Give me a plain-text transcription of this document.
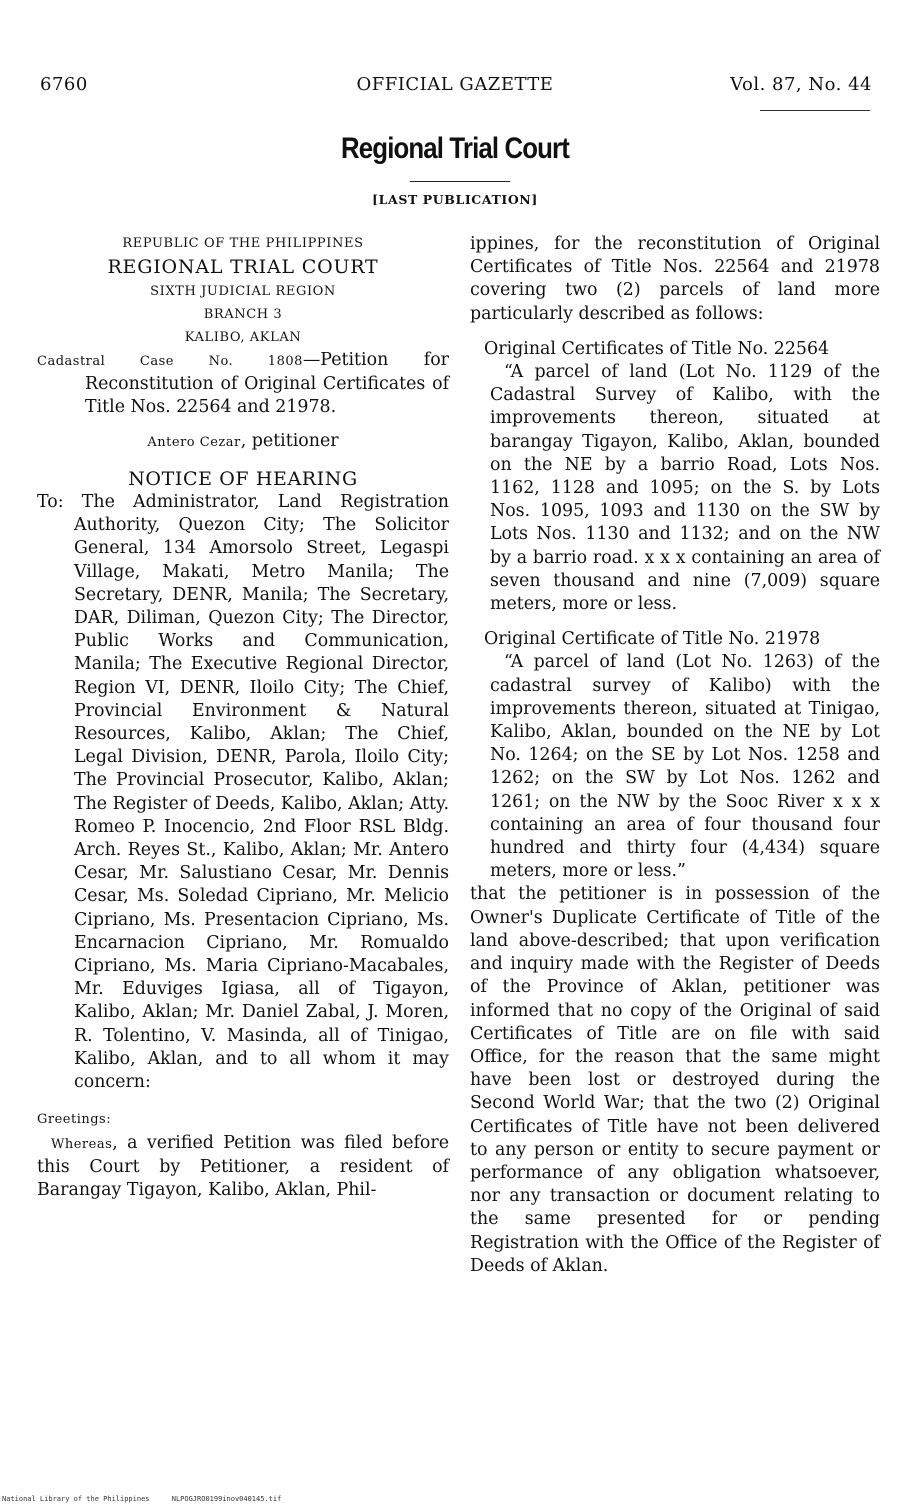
6760	OFFICIAL GAZETTE	Vol. 87, No. 44
Regional Trial Court
[LAST PUBLICATION]
REPUBLIC OF THE PHILIPPINES
REGIONAL TRIAL COURT
SIXTH JUDICIAL REGION
BRANCH 3
KALIBO, AKLAN

Cadastral Case No. 1808—Petition for Reconstitution of Original Certificates of Title Nos. 22564 and 21978.

Antero Cezar, petitioner
NOTICE OF HEARING

To: The Administrator, Land Registration Authority, Quezon City; The Solicitor General, 134 Amorsolo Street, Legaspi Village, Makati, Metro Manila; The Secretary, DENR, Manila; The Secretary, DAR, Diliman, Quezon City; The Director, Public Works and Communication, Manila; The Executive Regional Director, Region VI, DENR, Iloilo City; The Chief, Provincial Environment & Natural Resources, Kalibo, Aklan; The Chief, Legal Division, DENR, Parola, Iloilo City; The Provincial Prosecutor, Kalibo, Aklan; The Register of Deeds, Kalibo, Aklan; Atty. Romeo P. Inocencio, 2nd Floor RSL Bldg. Arch. Reyes St., Kalibo, Aklan; Mr. Antero Cesar, Mr. Salustiano Cesar, Mr. Dennis Cesar, Ms. Soledad Cipriano, Mr. Melicio Cipriano, Ms. Presentacion Cipriano, Ms. Encarnacion Cipriano, Mr. Romualdo Cipriano, Ms. Maria Cipriano-Macabales, Mr. Eduviges Igiasa, all of Tigayon, Kalibo, Aklan; Mr. Daniel Zabal, J. Moren, R. Tolentino, V. Masinda, all of Tinigao, Kalibo, Aklan, and to all whom it may concern:

Greetings:

Whereas, a verified Petition was filed before this Court by Petitioner, a resident of Barangay Tigayon, Kalibo, Aklan, Phil-

ippines, for the reconstitution of Original Certificates of Title Nos. 22564 and 21978 covering two (2) parcels of land more particularly described as follows:

Original Certificates of Title No. 22564

“A parcel of land (Lot No. 1129 of the Cadastral Survey of Kalibo, with the improvements thereon, situated at barangay Tigayon, Kalibo, Aklan, bounded on the NE by a barrio Road, Lots Nos. 1162, 1128 and 1095; on the S. by Lots Nos. 1095, 1093 and 1130 on the SW by Lots Nos. 1130 and 1132; and on the NW by a barrio road. x x x containing an area of seven thousand and nine (7,009) square meters, more or less.

Original Certificate of Title No. 21978

“A parcel of land (Lot No. 1263) of the cadastral survey of Kalibo) with the improvements thereon, situated at Tinigao, Kalibo, Aklan, bounded on the NE by Lot No. 1264; on the SE by Lot Nos. 1258 and 1262; on the SW by Lot Nos. 1262 and 1261; on the NW by the Sooc River x x x containing an area of four thousand four hundred and thirty four (4,434) square meters, more or less.”

that the petitioner is in possession of the Owner's Duplicate Certificate of Title of the land above-described; that upon verification and inquiry made with the Register of Deeds of the Province of Aklan, petitioner was informed that no copy of the Original of said Certificates of Title are on file with said Office, for the reason that the same might have been lost or destroyed during the Second World War; that the two (2) Original Certificates of Title have not been delivered to any person or entity to secure payment or performance of any obligation whatsoever, nor any transaction or document relating to the same presented for or pending Registration with the Office of the Register of Deeds of Aklan.

National Library of the Philippines	NLPOGJRO0199inov040145.tif
